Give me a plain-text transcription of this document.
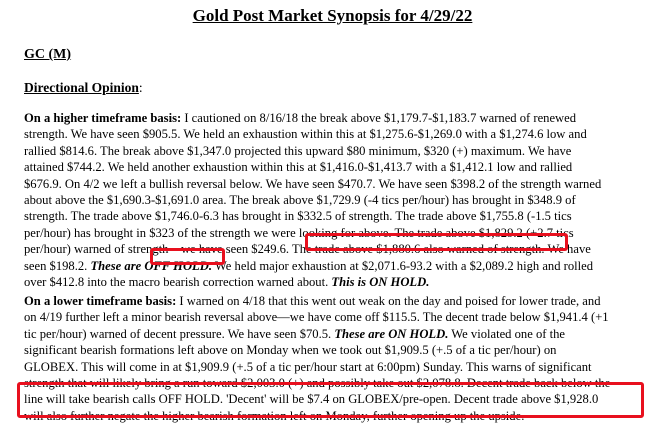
Gold Post Market Synopsis for 4/29/22
GC (M)
Directional Opinion:
On a higher timeframe basis: I cautioned on 8/16/18 the break above $1,179.7-$1,183.7 warned of renewed
strength. We have seen $905.5. We held an exhaustion within this at $1,275.6-$1,269.0 with a $1,274.6 low and
rallied $814.6. The break above $1,347.0 projected this upward $80 minimum, $320 (+) maximum. We have
attained $744.2. We held another exhaustion within this at $1,416.0-$1,413.7 with a $1,412.1 low and rallied
$676.9. On 4/2 we left a bullish reversal below. We have seen $470.7. We have seen $398.2 of the strength warned
about above the $1,690.3-$1,691.0 area. The break above $1,729.9 (-4 tics per/hour) has brought in $348.9 of
strength. The trade above $1,746.0-6.3 has brought in $332.5 of strength. The trade above $1,755.8 (-1.5 tics
per/hour) has brought in $323 of the strength we were looking for above. The trade above $1,829.2 (+2.7 tics
per/hour) warned of strength—we have seen $249.6. The trade above $1,880.6 also warned of strength. We have
seen $198.2. These are OFF HOLD. We held major exhaustion at $2,071.6-93.2 with a $2,089.2 high and rolled
over $412.8 into the macro bearish correction warned about. This is ON HOLD.
On a lower timeframe basis: I warned on 4/18 that this went out weak on the day and poised for lower trade, and
on 4/19 further left a minor bearish reversal above—we have come off $115.5. The decent trade below $1,941.4 (+1
tic per/hour) warned of decent pressure. We have seen $70.5. These are ON HOLD. We violated one of the
significant bearish formations left above on Monday when we took out $1,909.5 (+.5 of a tic per/hour) on
GLOBEX. This will come in at $1,909.9 (+.5 of a tic per/hour start at 6:00pm) Sunday. This warns of significant
strength that will likely bring a run toward $2,003.0 (+) and possibly take out $2,078.8. Decent trade back below the
line will take bearish calls OFF HOLD. 'Decent' will be $7.4 on GLOBEX/pre-open. Decent trade above $1,928.0
will also further negate the higher bearish formation left on Monday, further opening up the upside.
